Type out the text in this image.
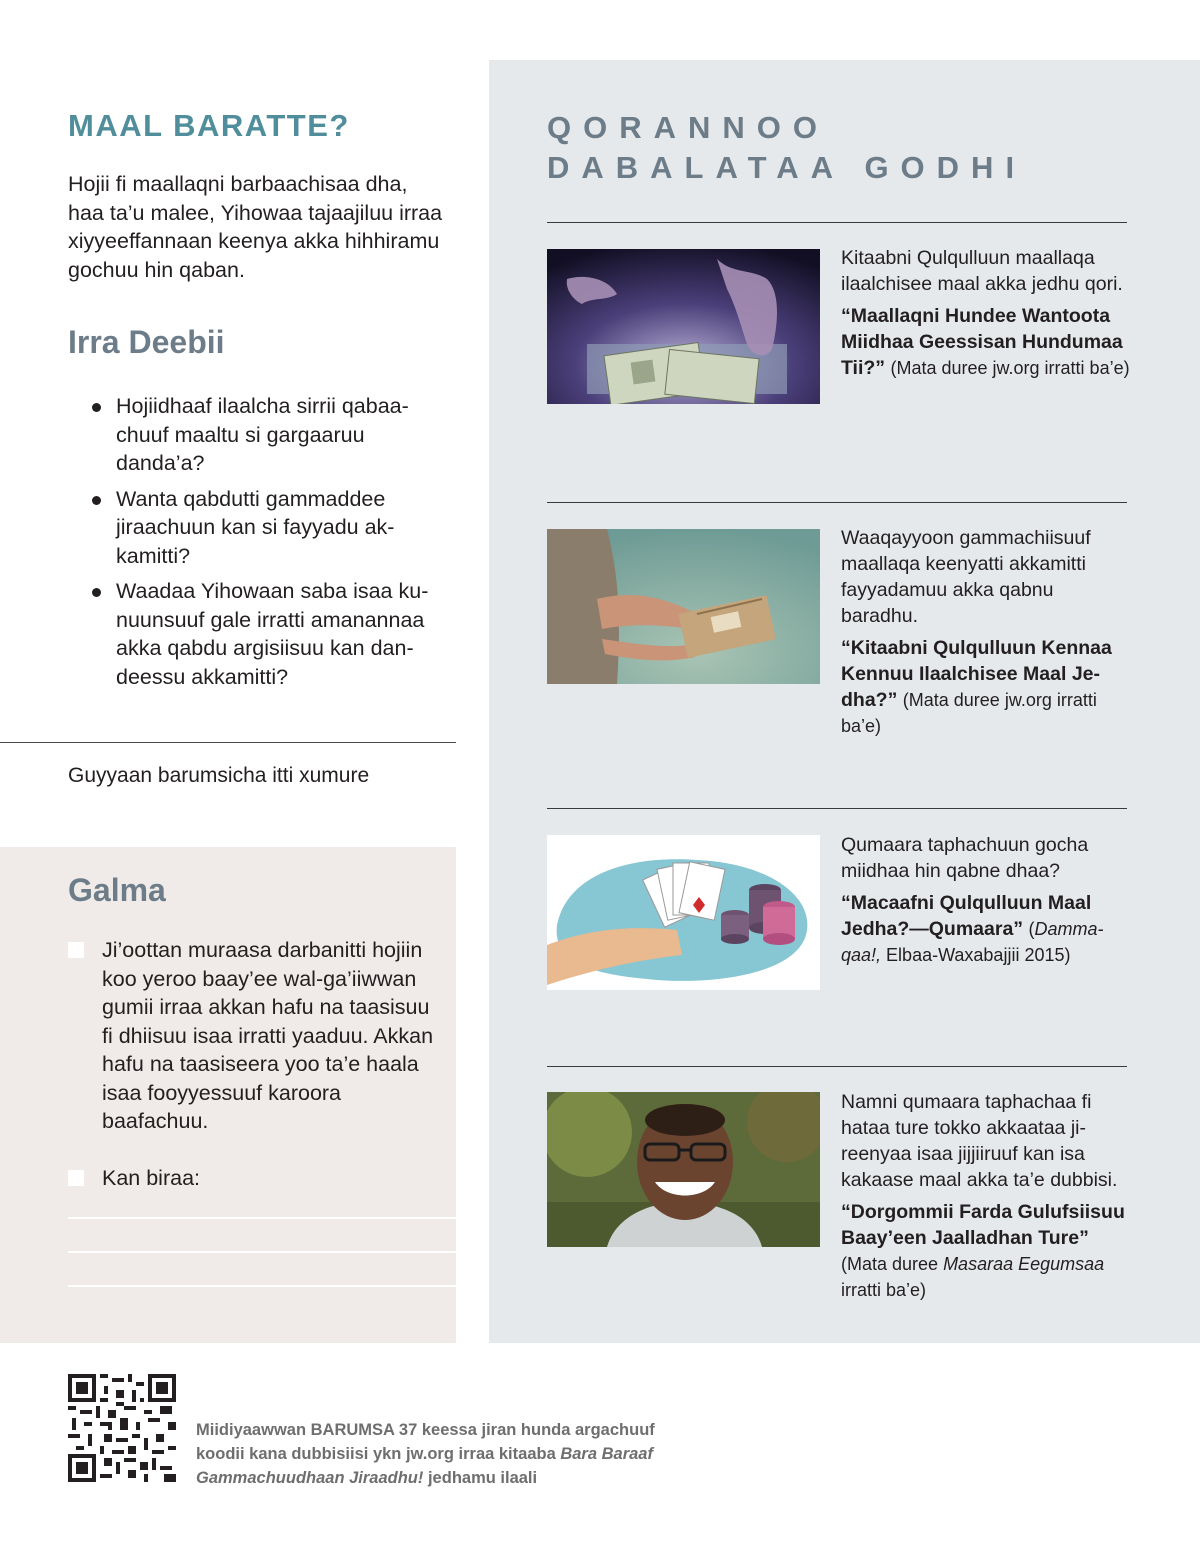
MAAL BARATTE?

Hojii fi maallaqni barbaachisaa dha, haa ta’u malee, Yihowaa tajaajiluu irraa xiyyeeffannaan keenya akka hihhiramu gochuu hin qaban.

Irra Deebii
Hojiidhaaf ilaalcha sirrii qabaa-chuuf maaltu si gargaaruu danda’a?
Wanta qabdutti gammaddee jiraachuun kan si fayyadu ak-kamitti?
Waadaa Yihowaan saba isaa ku-nuunsuuf gale irratti amanannaa akka qabdu argisiisuu kan dan-deessu akkamitti?
Guyyaan barumsicha itti xumure
Galma
Ji’oottan muraasa darbanitti hojiin koo yeroo baay’ee wal-ga’iiwwan gumii irraa akkan hafu na taasisuu fi dhiisuu isaa irratti yaaduu. Akkan hafu na taasiseera yoo ta’e haala isaa fooyyessuuf karoora baafachuu.
Kan biraa:
QORANNOO
DABALATAA GODHI

Kitaabni Qulqulluun maallaqa ilaalchisee maal akka jedhu qori.

“Maallaqni Hundee Wantoota Miidhaa Geessisan Hundumaa Tii?” (Mata duree jw.org irratti ba’e)

Waaqayyoon gammachiisuuf maallaqa keenyatti akkamitti fayyadamuu akka qabnu baradhu.

“Kitaabni Qulqulluun Kennaa Kennuu Ilaalchisee Maal Je-dha?” (Mata duree jw.org irratti ba’e)

Qumaara taphachuun gocha miidhaa hin qabne dhaa?

“Macaafni Qulqulluun Maal Jedha?—Qumaara” (Damma-qaa!, Elbaa-Waxabajjii 2015)

Namni qumaara taphachaa fi hataa ture tokko akkaataa ji-reenyaa isaa jijjiiruuf kan isa kakaase maal akka ta’e dubbisi.

“Dorgommii Farda Gulufsiisuu Baay’een Jaalladhan Ture” (Mata duree Masaraa Eegumsaa irratti ba’e)

Miidiyaawwan BARUMSA 37 keessa jiran hunda argachuuf koodii kana dubbisiisi ykn jw.org irraa kitaaba Bara Baraaf Gammachuudhaan Jiraadhu! jedhamu ilaali
